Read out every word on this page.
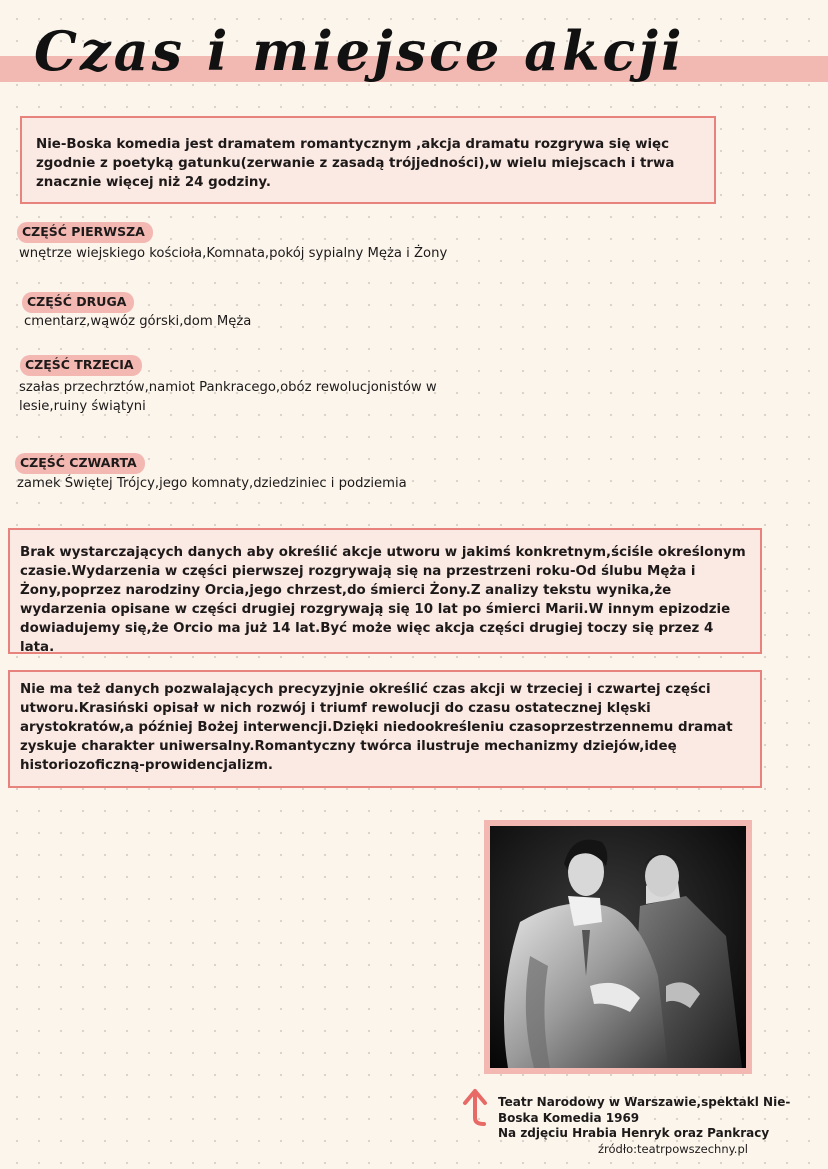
Czas i miejsce akcji

Nie-Boska komedia jest dramatem romantycznym ,akcja dramatu rozgrywa się więc zgodnie z poetyką gatunku(zerwanie z zasadą trójjedności),w wielu miejscach i trwa znacznie więcej niż 24 godziny.

CZĘŚĆ PIERWSZA

wnętrze wiejskiego kościoła,Komnata,pokój sypialny Męża i Żony

CZĘŚĆ DRUGA

cmentarz,wąwóz górski,dom Męża

CZĘŚĆ TRZECIA

szałas przechrztów,namiot Pankracego,obóz rewolucjonistów w lesie,ruiny świątyni

CZĘŚĆ CZWARTA

zamek Świętej Trójcy,jego komnaty,dziedziniec i podziemia

Brak wystarczających danych aby określić akcje utworu w jakimś konkretnym,ściśle określonym czasie.Wydarzenia w części pierwszej rozgrywają się na przestrzeni roku-Od ślubu Męża i Żony,poprzez narodziny Orcia,jego chrzest,do śmierci Żony.Z analizy tekstu wynika,że wydarzenia opisane w części drugiej rozgrywają się 10 lat po śmierci Marii.W innym epizodzie dowiadujemy się,że Orcio ma już 14 lat.Być może więc akcja części drugiej toczy się przez 4 lata.

Nie ma też danych pozwalających precyzyjnie określić czas akcji w trzeciej i czwartej części utworu.Krasiński opisał w nich rozwój i triumf rewolucji do czasu ostatecznej klęski arystokratów,a później Bożej interwencji.Dzięki niedookreśleniu czasoprzestrzennemu dramat zyskuje charakter uniwersalny.Romantyczny twórca ilustruje mechanizmy dziejów,ideę historiozoficzną-prowidencjalizm.

Teatr Narodowy w Warszawie,spektakl Nie-Boska Komedia 1969
Na zdjęciu Hrabia Henryk oraz Pankracy

źródło:teatrpowszechny.pl
